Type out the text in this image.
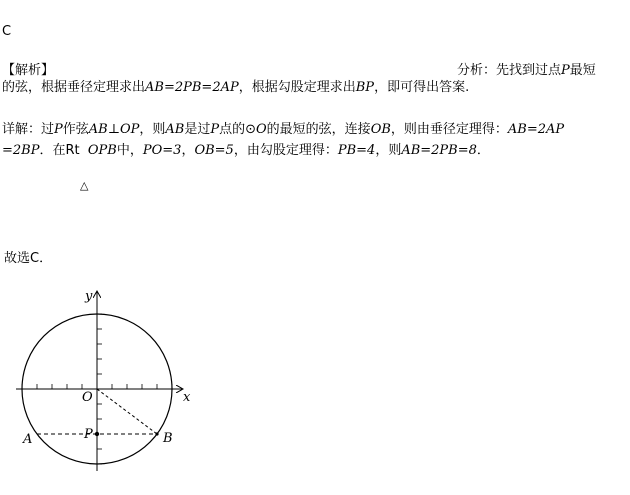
C
【解析】	分析：先找到过点P最短
的弦，根据垂径定理求出AB=2PB=2AP，根据勾股定理求出BP，即可得出答案.
详解：过P作弦AB⊥OP，则AB是过P点的⊙O的最短的弦，连接OB，则由垂径定理得：AB=2AP
=2BP．在Rt OPB中，PO=3，OB=5，由勾股定理得：PB=4，则AB=2PB=8．
△
故选C．
y
x
O
P
A	B
